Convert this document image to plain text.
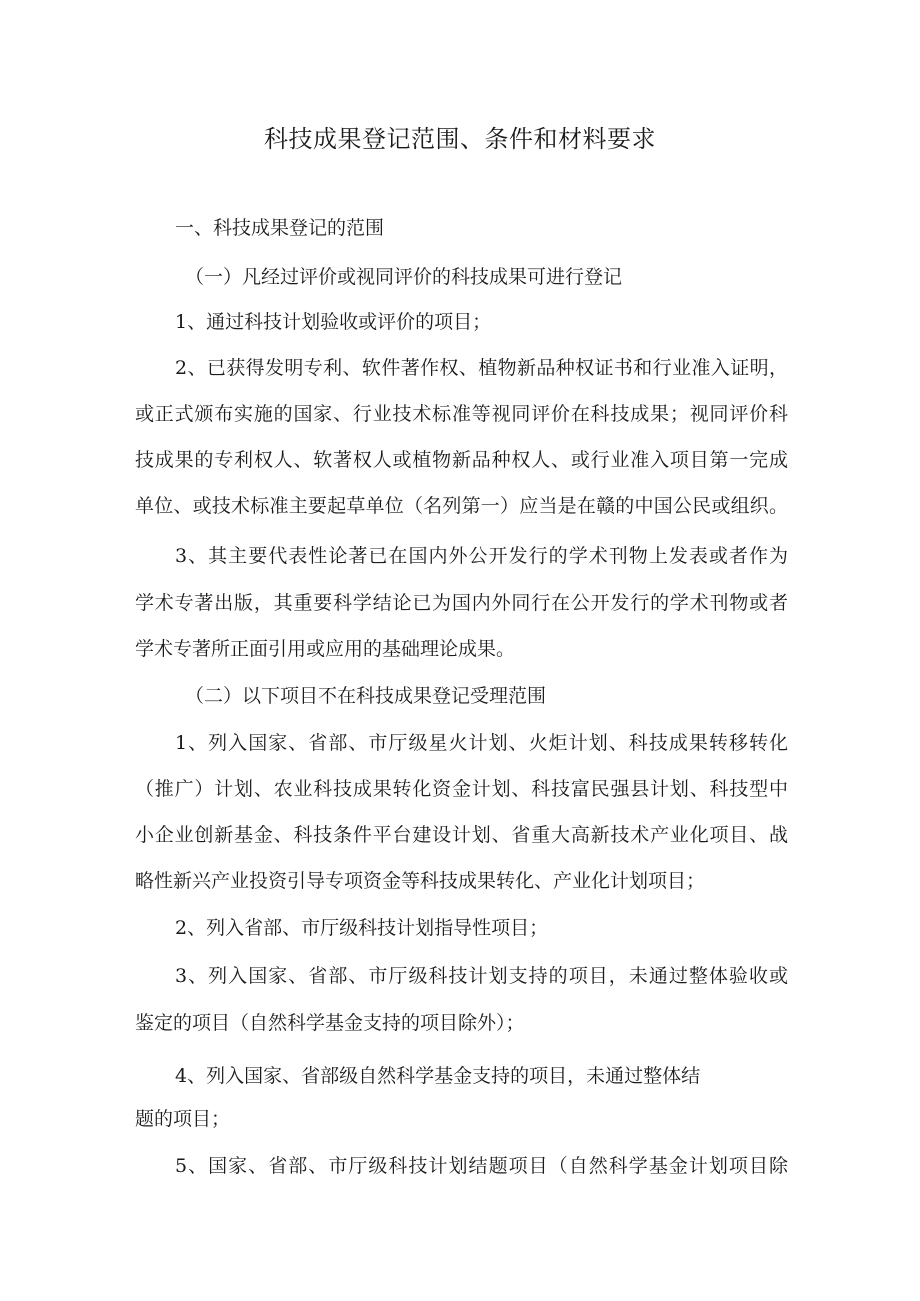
科技成果登记范围、条件和材料要求
一、科技成果登记的范围
（一）凡经过评价或视同评价的科技成果可进行登记
1、通过科技计划验收或评价的项目；
2、已获得发明专利、软件著作权、植物新品种权证书和行业准入证明，
或正式颁布实施的国家、行业技术标准等视同评价在科技成果；视同评价科
技成果的专利权人、软著权人或植物新品种权人、或行业准入项目第一完成
单位、或技术标准主要起草单位（名列第一）应当是在赣的中国公民或组织。
3、其主要代表性论著已在国内外公开发行的学术刊物上发表或者作为
学术专著出版，其重要科学结论已为国内外同行在公开发行的学术刊物或者
学术专著所正面引用或应用的基础理论成果。
（二）以下项目不在科技成果登记受理范围
1、列入国家、省部、市厅级星火计划、火炬计划、科技成果转移转化
（推广）计划、农业科技成果转化资金计划、科技富民强县计划、科技型中
小企业创新基金、科技条件平台建设计划、省重大高新技术产业化项目、战
略性新兴产业投资引导专项资金等科技成果转化、产业化计划项目；
2、列入省部、市厅级科技计划指导性项目；
3、列入国家、省部、市厅级科技计划支持的项目，未通过整体验收或
鉴定的项目（自然科学基金支持的项目除外）；
4、列入国家、省部级自然科学基金支持的项目，未通过整体结
题的项目；
5、国家、省部、市厅级科技计划结题项目（自然科学基金计划项目除
